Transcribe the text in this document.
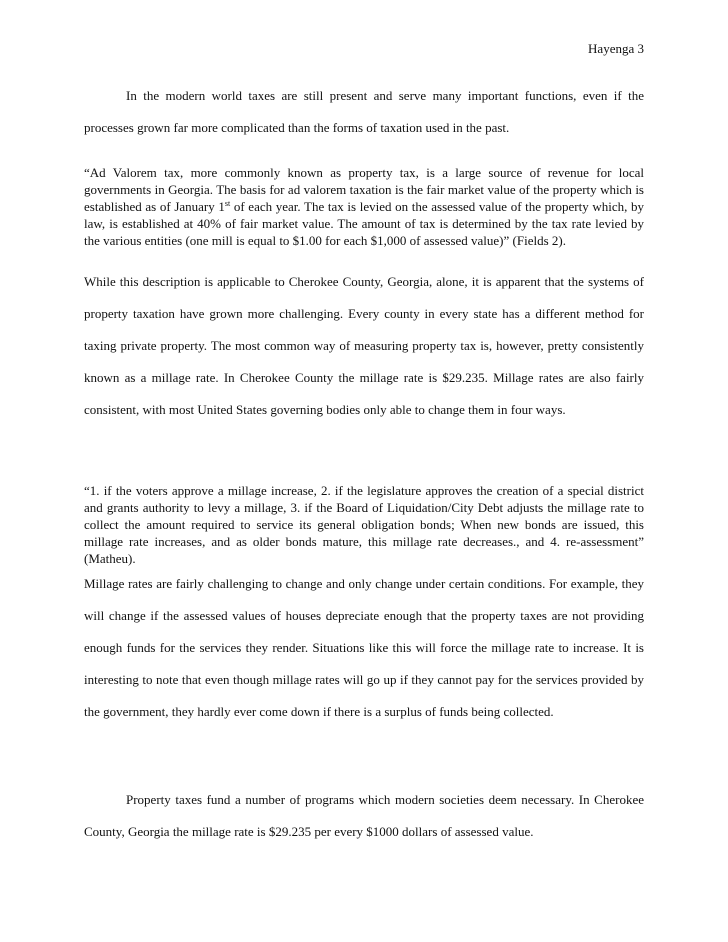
Hayenga 3

In the modern world taxes are still present and serve many important functions, even if the processes grown far more complicated than the forms of taxation used in the past.

“Ad Valorem tax, more commonly known as property tax, is a large source of revenue for local governments in Georgia. The basis for ad valorem taxation is the fair market value of the property which is established as of January 1st of each year. The tax is levied on the assessed value of the property which, by law, is established at 40% of fair market value. The amount of tax is determined by the tax rate levied by the various entities (one mill is equal to $1.00 for each $1,000 of assessed value)” (Fields 2).

While this description is applicable to Cherokee County, Georgia, alone, it is apparent that the systems of property taxation have grown more challenging. Every county in every state has a different method for taxing private property. The most common way of measuring property tax is, however, pretty consistently known as a millage rate. In Cherokee County the millage rate is $29.235. Millage rates are also fairly consistent, with most United States governing bodies only able to change them in four ways.

“1. if the voters approve a millage increase, 2. if the legislature approves the creation of a special district and grants authority to levy a millage, 3. if the Board of Liquidation/City Debt adjusts the millage rate to collect the amount required to service its general obligation bonds; When new bonds are issued, this millage rate increases, and as older bonds mature, this millage rate decreases., and 4. re-assessment” (Matheu).

Millage rates are fairly challenging to change and only change under certain conditions. For example, they will change if the assessed values of houses depreciate enough that the property taxes are not providing enough funds for the services they render. Situations like this will force the millage rate to increase. It is interesting to note that even though millage rates will go up if they cannot pay for the services provided by the government, they hardly ever come down if there is a surplus of funds being collected.

Property taxes fund a number of programs which modern societies deem necessary. In Cherokee County, Georgia the millage rate is $29.235 per every $1000 dollars of assessed value.
